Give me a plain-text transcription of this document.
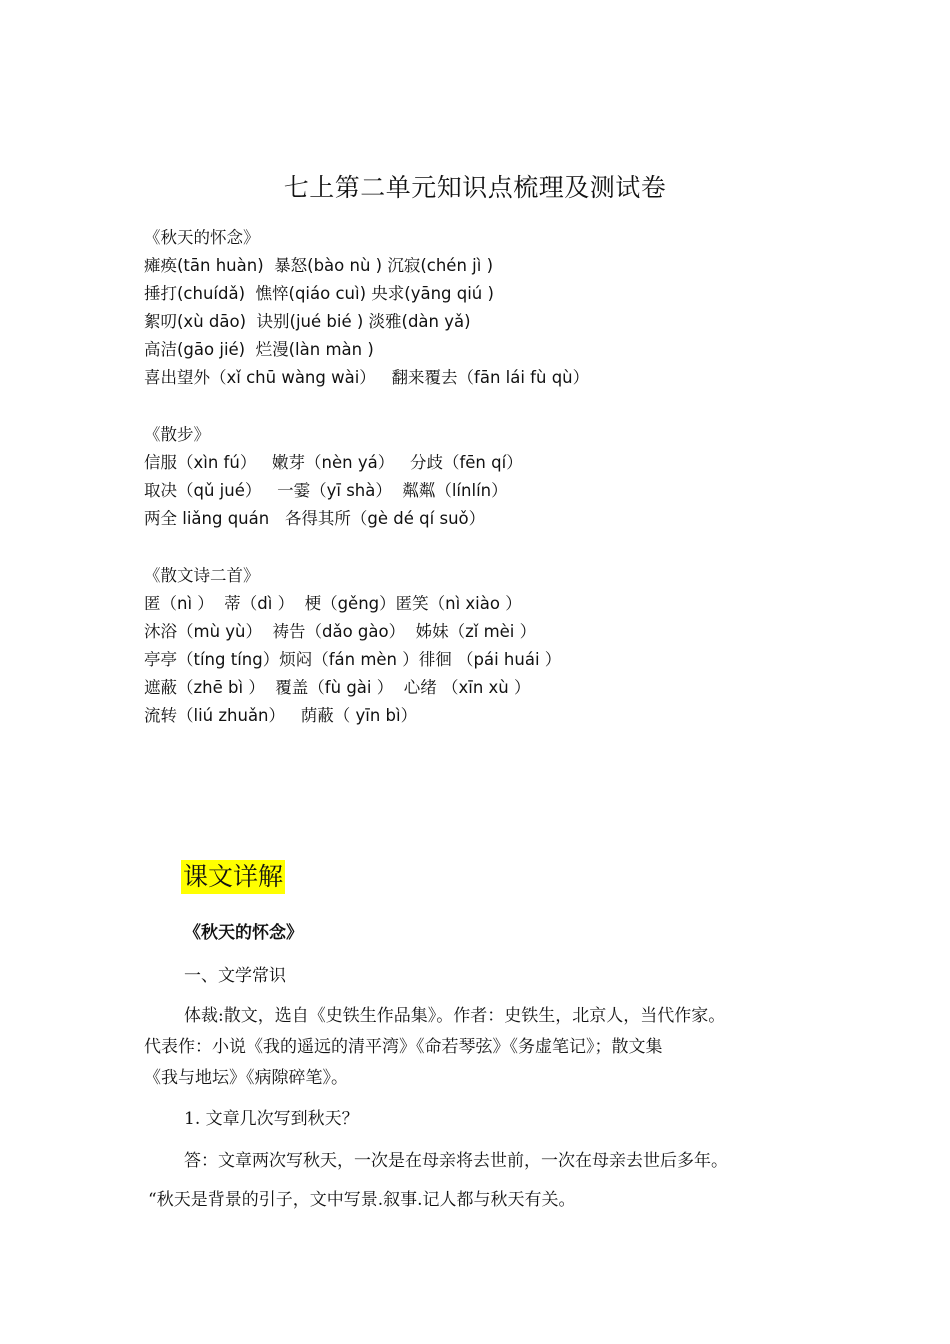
七上第二单元知识点梳理及测试卷
《秋天的怀念》
瘫痪(tān huàn)  暴怒(bào nù ) 沉寂(chén jì )
捶打(chuídǎ)  憔悴(qiáo cuì) 央求(yāng qiú )
絮叨(xù dāo)  诀别(jué bié ) 淡雅(dàn yǎ)
高洁(gāo jié)  烂漫(làn màn )
喜出望外（xǐ chū wàng wài）   翻来覆去（fān lái fù qù）
《散步》
信服（xìn fú）   嫩芽（nèn yá）   分歧（fēn qí）
取决（qǔ jué）   一霎（yī shà）  粼粼（línlín）
两全 liǎng quán   各得其所（gè dé qí suǒ）
《散文诗二首》
匿（nì ）  蒂（dì ）  梗（gěng）匿笑（nì xiào ）
沐浴（mù yù）  祷告（dǎo gào）  姊妹（zǐ mèi ）
亭亭（tíng tíng）烦闷（fán mèn ）徘徊 （pái huái ）
遮蔽（zhē bì ）  覆盖（fù gài ）  心绪 （xīn xù ）
流转（liú zhuǎn）   荫蔽（ yīn bì）
课文详解
《秋天的怀念》
一、文学常识
体裁:散文，选自《史铁生作品集》。作者：史铁生，北京人，当代作家。
代表作：小说《我的遥远的清平湾》《命若琴弦》《务虚笔记》；散文集
《我与地坛》《病隙碎笔》。
1. 文章几次写到秋天？
答：文章两次写秋天，一次是在母亲将去世前，一次在母亲去世后多年。
“秋天是背景的引子，文中写景.叙事.记人都与秋天有关。
